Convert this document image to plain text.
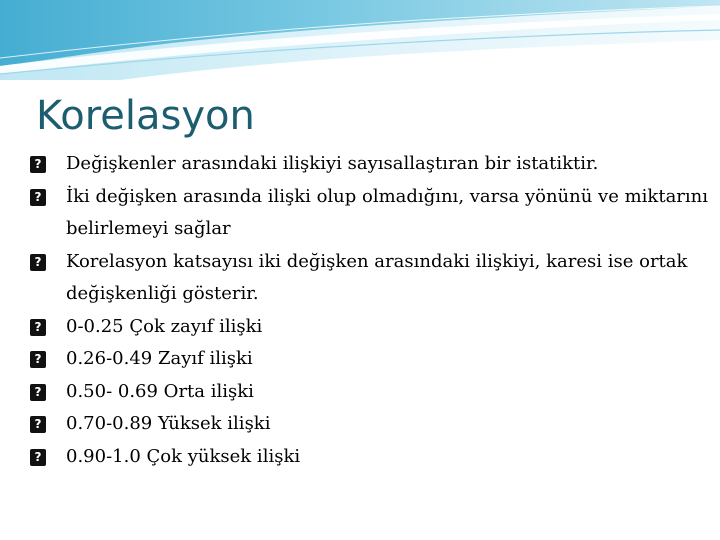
Korelasyon
?
Değişkenler arasındaki ilişkiyi sayısallaştıran bir istatiktir.
?
İki değişken arasında ilişki olup olmadığını, varsa yönünü ve miktarını belirlemeyi sağlar
?
Korelasyon katsayısı iki değişken arasındaki ilişkiyi, karesi ise ortak değişkenliği gösterir.
?
0-0.25 Çok zayıf ilişki
?
0.26-0.49 Zayıf ilişki
?
0.50- 0.69 Orta ilişki
?
0.70-0.89 Yüksek ilişki
?
0.90-1.0 Çok yüksek ilişki
